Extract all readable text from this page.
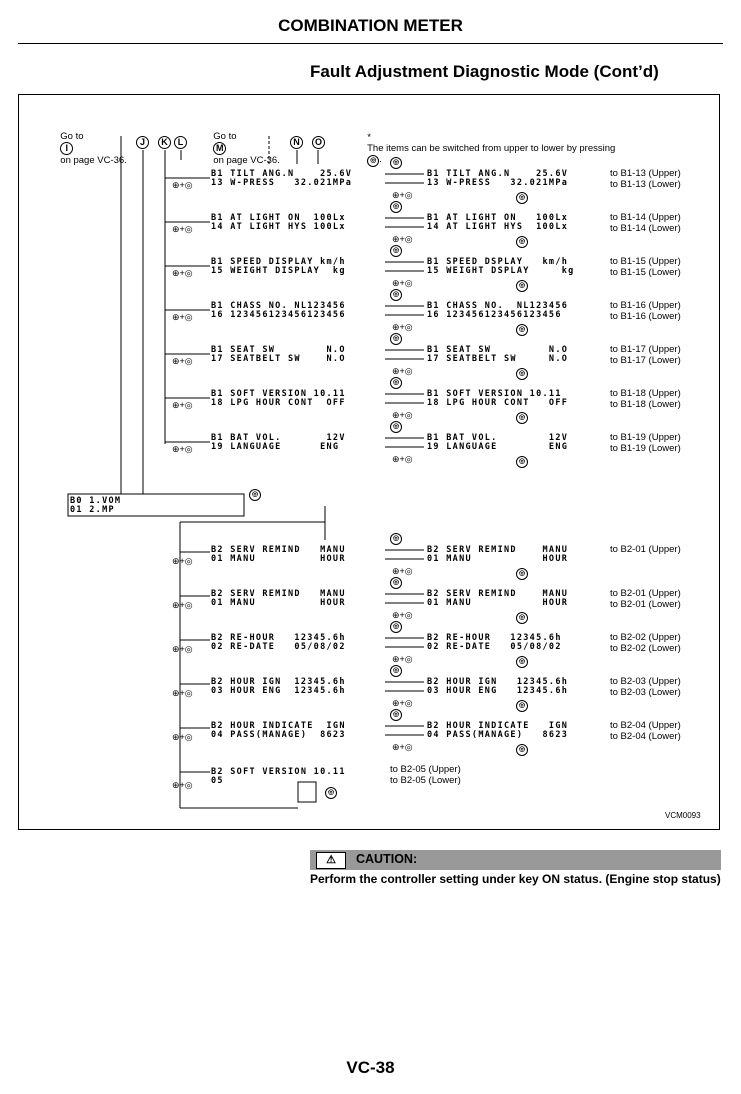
COMBINATION METER
Fault Adjustment Diagnostic Mode (Cont’d)

Go to
I
on page VC-36.

Go to
M
on page VC-36.

*
The items can be switched from upper to lower by pressing
◎ .

J	K	L	N	O
B0 1.VOM
01 2.MP
◎
B1 TILT ANG.N    25.6V
13 W-PRESS   32.021MPa
B1 TILT ANG.N    25.6V
13 W-PRESS   32.021MPa
to B1-13 (Upper)
to B1-13 (Lower)
⊕+◎
◎
⊕+◎	◎
B1 AT LIGHT ON  100Lx
14 AT LIGHT HYS 100Lx
B1 AT LIGHT ON   100Lx
14 AT LIGHT HYS  100Lx
to B1-14 (Upper)
to B1-14 (Lower)
⊕+◎
◎
⊕+◎	◎
B1 SPEED DISPLAY km/h
15 WEIGHT DISPLAY  kg
B1 SPEED DSPLAY   km/h
15 WEIGHT DSPLAY     kg
to B1-15 (Upper)
to B1-15 (Lower)
⊕+◎
◎
⊕+◎	◎
B1 CHASS NO. NL123456
16 123456123456123456
B1 CHASS NO.  NL123456
16 123456123456123456
to B1-16 (Upper)
to B1-16 (Lower)
⊕+◎
◎
⊕+◎	◎
B1 SEAT SW        N.O
17 SEATBELT SW    N.O
B1 SEAT SW         N.O
17 SEATBELT SW     N.O
to B1-17 (Upper)
to B1-17 (Lower)
⊕+◎
◎
⊕+◎	◎
B1 SOFT VERSION 10.11
18 LPG HOUR CONT  OFF
B1 SOFT VERSION 10.11
18 LPG HOUR CONT   OFF
to B1-18 (Upper)
to B1-18 (Lower)
⊕+◎
◎
⊕+◎	◎
B1 BAT VOL.       12V
19 LANGUAGE      ENG
B1 BAT VOL.        12V
19 LANGUAGE        ENG
to B1-19 (Upper)
to B1-19 (Lower)
⊕+◎
◎
⊕+◎	◎
B2 SERV REMIND   MANU
01 MANU          HOUR
B2 SERV REMIND    MANU
01 MANU           HOUR
to B2-01 (Upper)
⊕+◎
◎
⊕+◎	◎
B2 SERV REMIND   MANU
01 MANU          HOUR
B2 SERV REMIND    MANU
01 MANU           HOUR
to B2-01 (Upper)
to B2-01 (Lower)
⊕+◎
◎
⊕+◎	◎
B2 RE-HOUR   12345.6h
02 RE-DATE   05/08/02
B2 RE-HOUR   12345.6h
02 RE-DATE   05/08/02
to B2-02 (Upper)
to B2-02 (Lower)
⊕+◎
◎
⊕+◎	◎
B2 HOUR IGN  12345.6h
03 HOUR ENG  12345.6h
B2 HOUR IGN   12345.6h
03 HOUR ENG   12345.6h
to B2-03 (Upper)
to B2-03 (Lower)
⊕+◎
◎
⊕+◎	◎
B2 HOUR INDICATE  IGN
04 PASS(MANAGE)  8623
B2 HOUR INDICATE   IGN
04 PASS(MANAGE)   8623
to B2-04 (Upper)
to B2-04 (Lower)
⊕+◎
◎
⊕+◎	◎
B2 SOFT VERSION 10.11
05
to B2-05 (Upper)
to B2-05 (Lower)
⊕+◎
◎
VCM0093
⚠	CAUTION:
Perform the controller setting under key ON status. (Engine stop status)
VC-38
